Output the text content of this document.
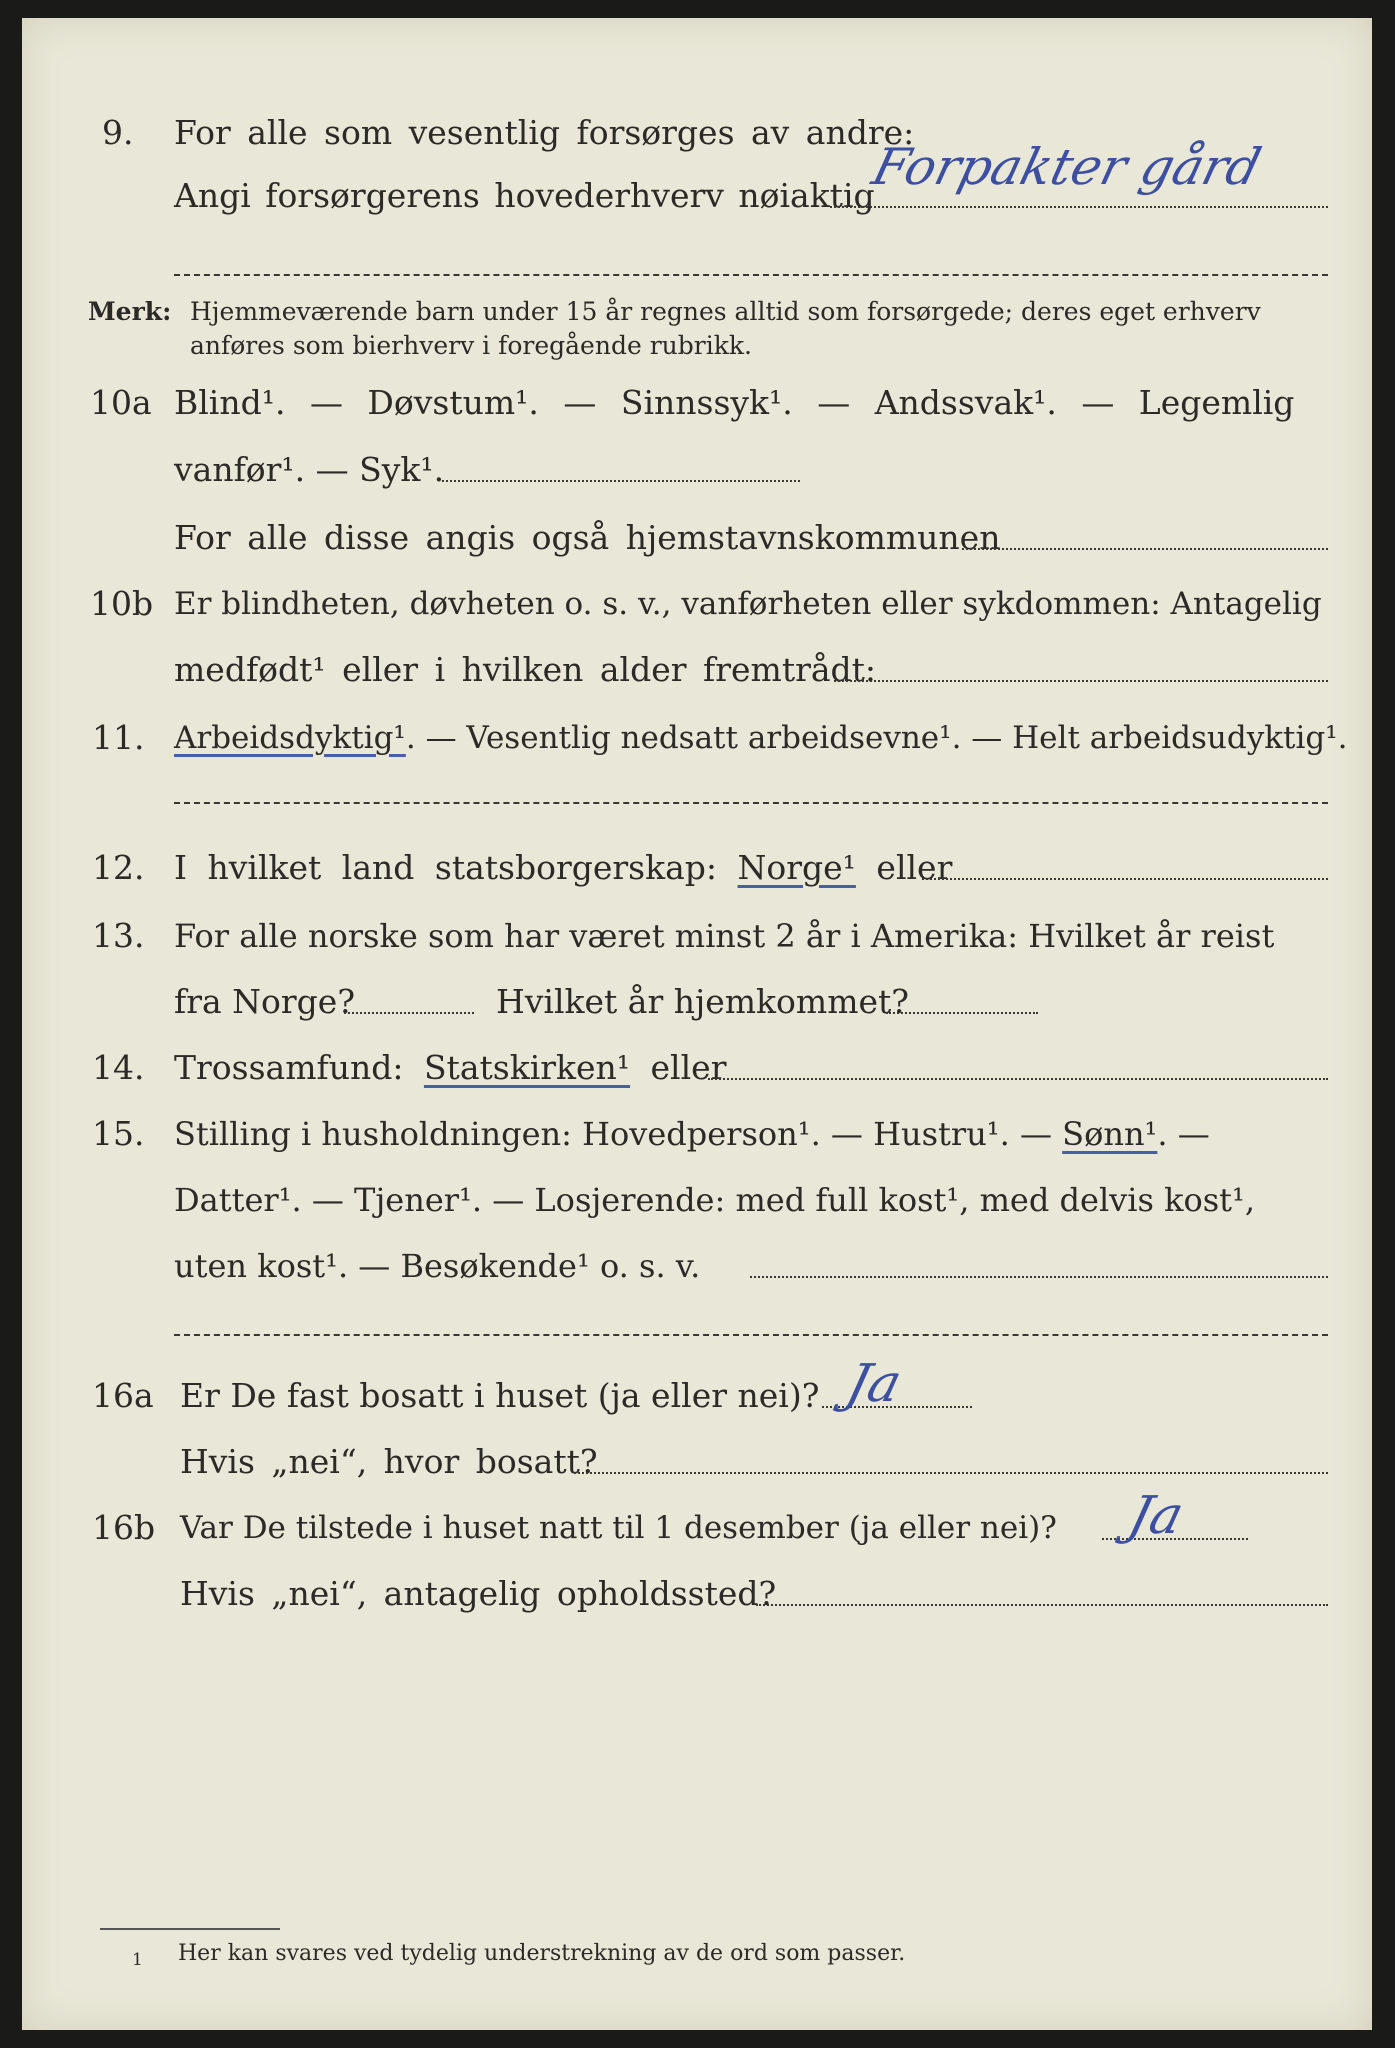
9. For alle som vesentlig forsørges av andre:
Angi forsørgerens hovederhverv nøiaktig
Forpakter gård
Merk: Hjemmeværende barn under 15 år regnes alltid som forsørgede; deres eget erhverv
anføres som bierhverv i foregående rubrikk.
10a Blind¹. — Døvstum¹. — Sinnssyk¹. — Andssvak¹. — Legemlig
vanfør¹. — Syk¹.
For alle disse angis også hjemstavnskommunen
10b Er blindheten, døvheten o. s. v., vanførheten eller sykdommen: Antagelig
medfødt¹ eller i hvilken alder fremtrådt:
11. Arbeidsdyktig¹. — Vesentlig nedsatt arbeidsevne¹. — Helt arbeidsudyktig¹.
12. I hvilket land statsborgerskap: Norge¹ eller
13. For alle norske som har været minst 2 år i Amerika: Hvilket år reist
fra Norge?	Hvilket år hjemkommet?
14. Trossamfund: Statskirken¹ eller
15. Stilling i husholdningen: Hovedperson¹. — Hustru¹. — Sønn¹. —
Datter¹. — Tjener¹. — Losjerende: med full kost¹, med delvis kost¹,
uten kost¹. — Besøkende¹ o. s. v.
16a Er De fast bosatt i huset (ja eller nei)? Ja
Hvis „nei“, hvor bosatt?
16b Var De tilstede i huset natt til 1 desember (ja eller nei)? Ja
Hvis „nei“, antagelig opholdssted?
1 Her kan svares ved tydelig understrekning av de ord som passer.
